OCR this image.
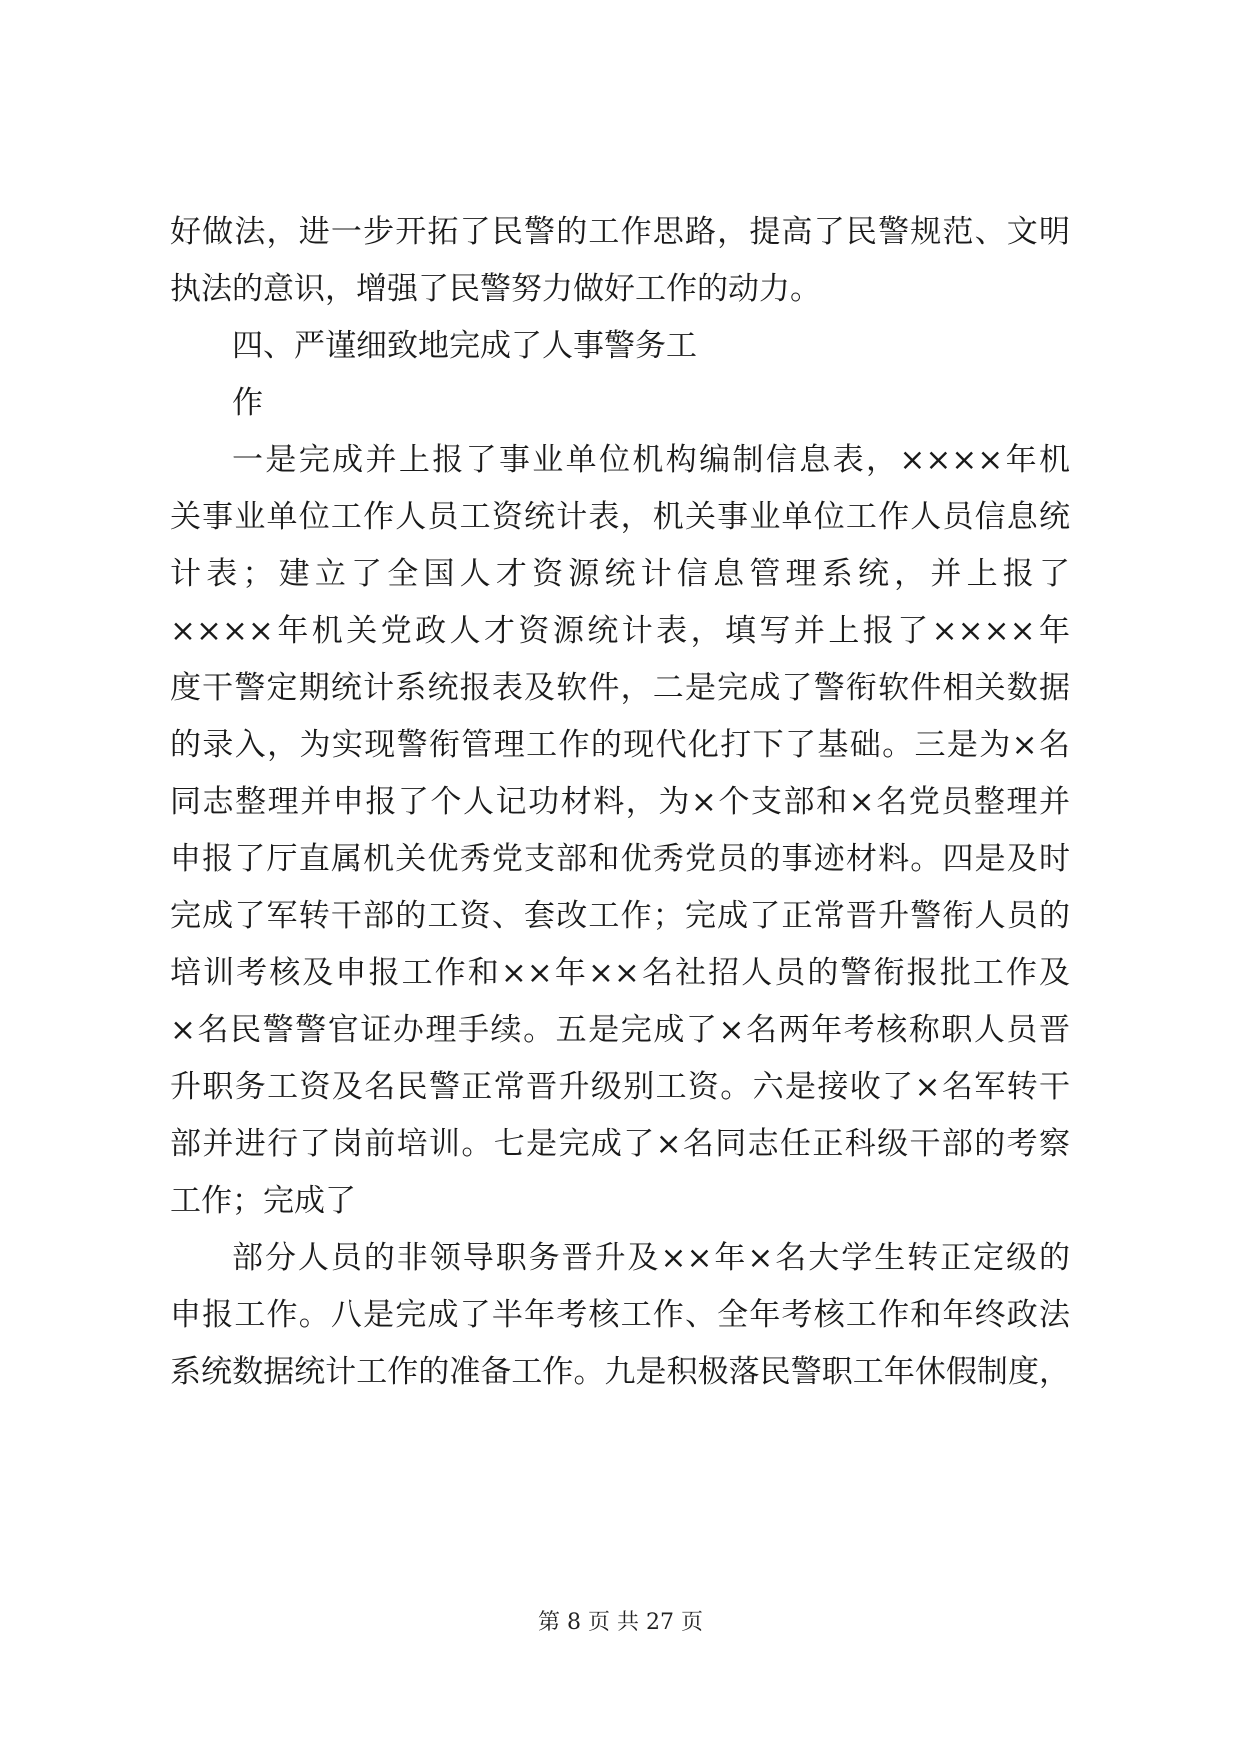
好做法，进一步开拓了民警的工作思路，提高了民警规范、文明

执法的意识，增强了民警努力做好工作的动力。

四、严谨细致地完成了人事警务工

作

一是完成并上报了事业单位机构编制信息表，××××年机

关事业单位工作人员工资统计表，机关事业单位工作人员信息统

计表；建立了全国人才资源统计信息管理系统，并上报了

××××年机关党政人才资源统计表，填写并上报了××××年

度干警定期统计系统报表及软件，二是完成了警衔软件相关数据

的录入，为实现警衔管理工作的现代化打下了基础。三是为×名

同志整理并申报了个人记功材料，为×个支部和×名党员整理并

申报了厅直属机关优秀党支部和优秀党员的事迹材料。四是及时

完成了军转干部的工资、套改工作；完成了正常晋升警衔人员的

培训考核及申报工作和××年××名社招人员的警衔报批工作及

×名民警警官证办理手续。五是完成了×名两年考核称职人员晋

升职务工资及名民警正常晋升级别工资。六是接收了×名军转干

部并进行了岗前培训。七是完成了×名同志任正科级干部的考察

工作；完成了

部分人员的非领导职务晋升及××年×名大学生转正定级的

申报工作。八是完成了半年考核工作、全年考核工作和年终政法

系统数据统计工作的准备工作。九是积极落民警职工年休假制度，

第 8 页 共 27 页
